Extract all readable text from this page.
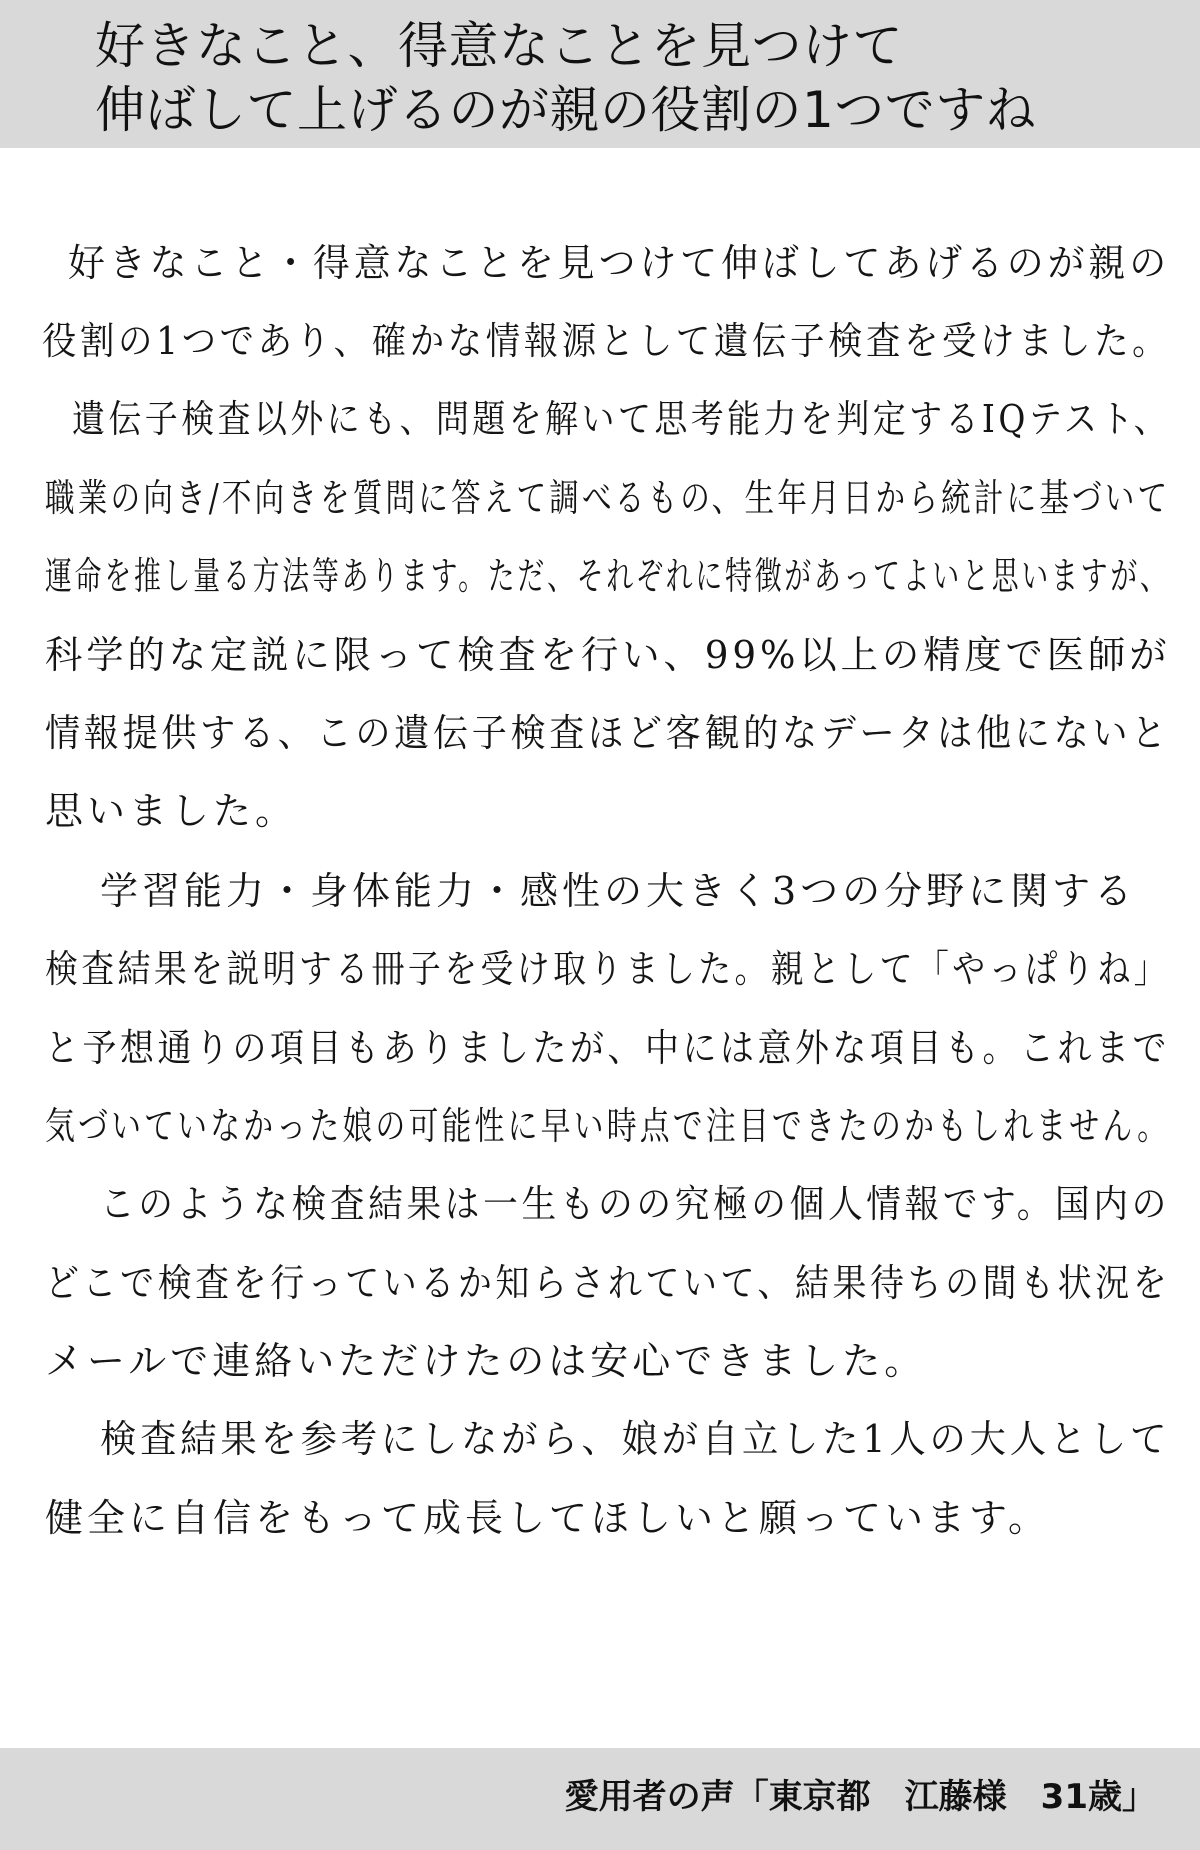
好きなこと、得意なことを見つけて
伸ばして上げるのが親の役割の1つですね
好きなこと・得意なことを見つけて伸ばしてあげるのが親の
役割の1つであり、確かな情報源として遺伝子検査を受けました。
遺伝子検査以外にも、問題を解いて思考能力を判定するIQテスト、
職業の向き/不向きを質問に答えて調べるもの、生年月日から統計に基づいて
運命を推し量る方法等あります。ただ、それぞれに特徴があってよいと思いますが、
科学的な定説に限って検査を行い、99%以上の精度で医師が
情報提供する、この遺伝子検査ほど客観的なデータは他にないと
思いました。
学習能力・身体能力・感性の大きく3つの分野に関する
検査結果を説明する冊子を受け取りました。親として「やっぱりね」
と予想通りの項目もありましたが、中には意外な項目も。これまで
気づいていなかった娘の可能性に早い時点で注目できたのかもしれません。
このような検査結果は一生ものの究極の個人情報です。国内の
どこで検査を行っているか知らされていて、結果待ちの間も状況を
メールで連絡いただけたのは安心できました。
検査結果を参考にしながら、娘が自立した1人の大人として
健全に自信をもって成長してほしいと願っています。
愛用者の声「東京都　江藤様　31歳」
